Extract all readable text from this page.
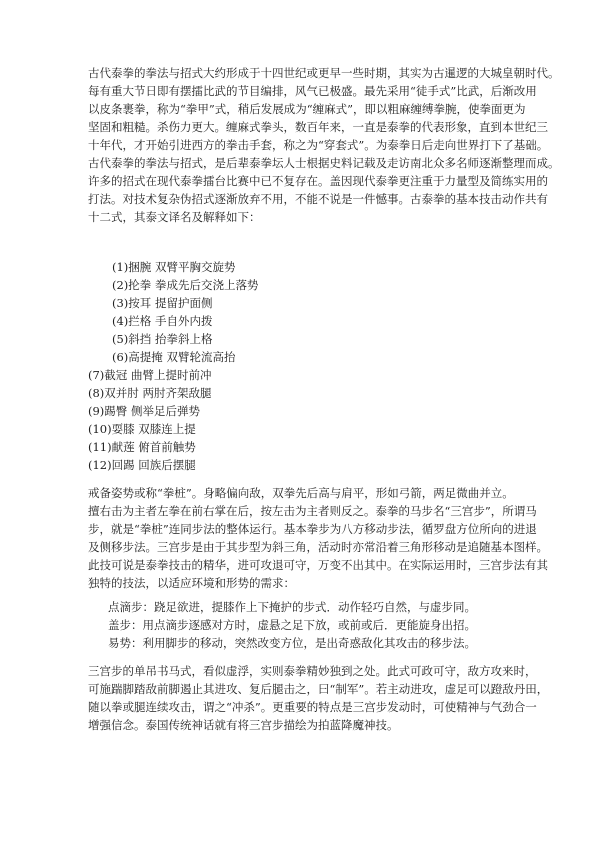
古代泰拳的拳法与招式大约形成于十四世纪或更早一些时期，其实为古暹逻的大城皇朝时代。
每有重大节日即有摆擂比武的节目编排，风气已极盛。最先采用“徒手式”比武，后渐改用
以皮条裹拳，称为“拳甲”式，稍后发展成为“缠麻式”，即以粗麻缠缚拳腕，使拳面更为
坚固和粗糙。杀伤力更大。缠麻式拳头，数百年来，一直是泰拳的代表形象，直到本世纪三
十年代，才开始引进西方的拳击手套，称之为“穿套式”。为泰拳日后走向世界打下了基础。
古代泰拳的拳法与招式，是后辈泰拳坛人士根据史料记载及走访南北众多名师逐渐整理而成。
许多的招式在现代泰拳擂台比赛中已不复存在。盖因现代泰拳更注重于力量型及简练实用的
打法。对技术复杂伪招式逐渐放弃不用，不能不说是一件憾事。古泰拳的基本技击动作共有
十二式，其泰文译名及解释如下：
(1)捆腕 双臂平胸交旋势
(2)抡拳 拳成先后交浇上落势
(3)按耳 提留护面侧
(4)拦格 手自外内拨
(5)斜挡 抬拳斜上格
(6)高提掩 双臂轮流高抬
(7)截冠 曲臂上提时前冲
(8)双并肘 两肘齐架敌腿
(9)踢臀 侧举足后弹势
(10)耍膝 双膝连上提
(11)献莲 俯首前触势
(12)回踢 回族后摆腿
戒备姿势或称“拳桩”。身略偏向敌，双拳先后高与肩平，形如弓箭，两足微曲并立。
擅右击为主者左拳在前右掌在后，按左击为主者则反之。泰拳的马步名“三宫步”，所谓马
步，就是“拳桩”连同步法的整体运行。基本拳步为八方移动步法，循罗盘方位所向的进退
及侧移步法。三宫步是由于其步型为斜三角，活动时亦常沿着三角形移动是追随基本图样。
此技可说是泰拳技击的精华，进可攻退可守，万变不出其中。在实际运用时，三宫步法有其
独特的技法，以适应环境和形势的需求：
点滴步：跷足欲进，提膝作上下掩护的步式．动作轻巧自然，与虚步同。
盖步：用点滴步逐感对方时，虚悬之足下放，或前或后．更能旋身出招。
易势：利用脚步的移动，突然改变方位，是出奇惑敌化其攻击的移步法。
三宫步的单吊书马式，看似虚浮，实则泰拳精妙独到之处。此式可政可守，敌方攻来时，
可施踹脚踏敌前脚遏止其进攻、复后腿击之，曰“制军”。若主动进攻，虚足可以蹬敌丹田，
随以拳或腿连续攻击，谓之“冲杀”。更重要的特点是三宫步发动时，可使精神与气劲合一
增强信念。泰国传统神话就有将三宫步描绘为拍蓝降魔神技。
